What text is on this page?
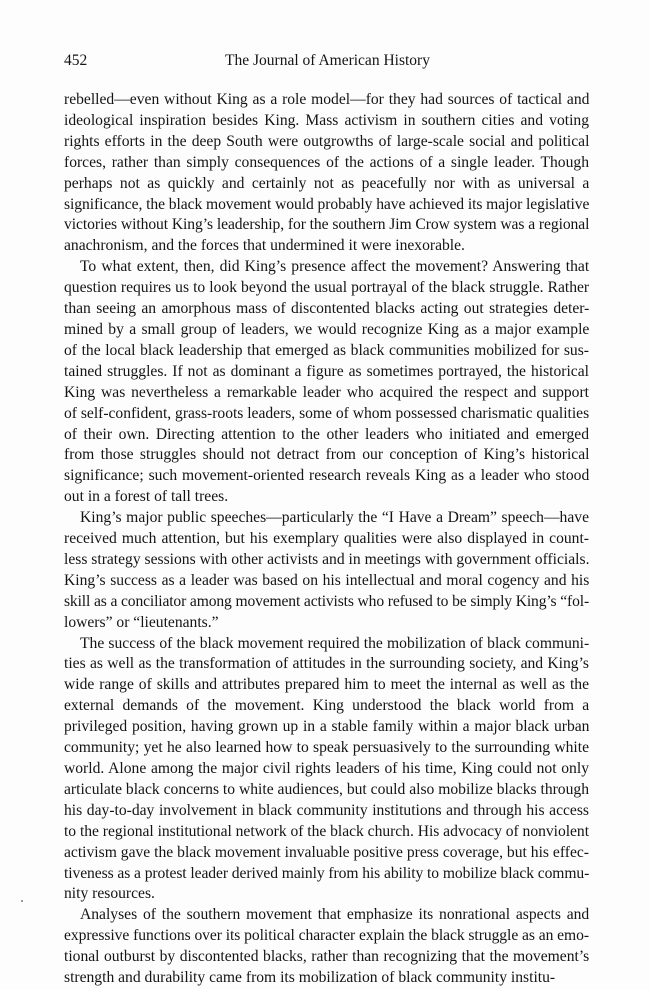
452	The Journal of American History

rebelled—even without King as a role model—for they had sources of tactical and
ideological inspiration besides King. Mass activism in southern cities and voting
rights efforts in the deep South were outgrowths of large-scale social and political
forces, rather than simply consequences of the actions of a single leader. Though
perhaps not as quickly and certainly not as peacefully nor with as universal a
significance, the black movement would probably have achieved its major legislative
victories without King’s leadership, for the southern Jim Crow system was a regional
anachronism, and the forces that undermined it were inexorable.

To what extent, then, did King’s presence affect the movement? Answering that
question requires us to look beyond the usual portrayal of the black struggle. Rather
than seeing an amorphous mass of discontented blacks acting out strategies deter-
mined by a small group of leaders, we would recognize King as a major example
of the local black leadership that emerged as black communities mobilized for sus-
tained struggles. If not as dominant a figure as sometimes portrayed, the historical
King was nevertheless a remarkable leader who acquired the respect and support
of self-confident, grass-roots leaders, some of whom possessed charismatic qualities
of their own. Directing attention to the other leaders who initiated and emerged
from those struggles should not detract from our conception of King’s historical
significance; such movement-oriented research reveals King as a leader who stood
out in a forest of tall trees.

King’s major public speeches—particularly the “I Have a Dream” speech—have
received much attention, but his exemplary qualities were also displayed in count-
less strategy sessions with other activists and in meetings with government officials.
King’s success as a leader was based on his intellectual and moral cogency and his
skill as a conciliator among movement activists who refused to be simply King’s “fol-
lowers” or “lieutenants.”

The success of the black movement required the mobilization of black communi-
ties as well as the transformation of attitudes in the surrounding society, and King’s
wide range of skills and attributes prepared him to meet the internal as well as the
external demands of the movement. King understood the black world from a
privileged position, having grown up in a stable family within a major black urban
community; yet he also learned how to speak persuasively to the surrounding white
world. Alone among the major civil rights leaders of his time, King could not only
articulate black concerns to white audiences, but could also mobilize blacks through
his day-to-day involvement in black community institutions and through his access
to the regional institutional network of the black church. His advocacy of nonviolent
activism gave the black movement invaluable positive press coverage, but his effec-
tiveness as a protest leader derived mainly from his ability to mobilize black commu-
nity resources.

Analyses of the southern movement that emphasize its nonrational aspects and
expressive functions over its political character explain the black struggle as an emo-
tional outburst by discontented blacks, rather than recognizing that the movement’s
strength and durability came from its mobilization of black community institu-
